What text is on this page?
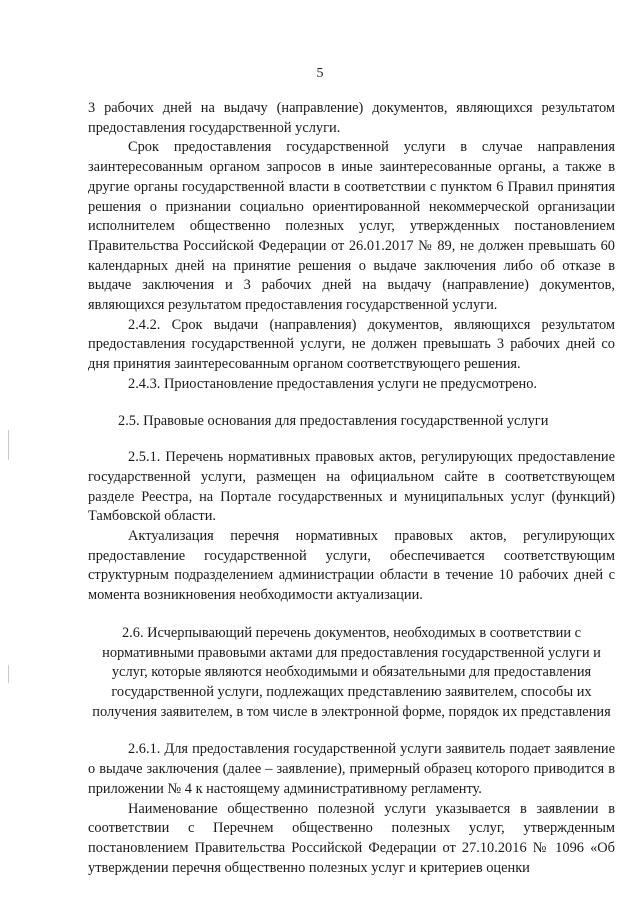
5

3 рабочих дней на выдачу (направление) документов, являющихся результатом предоставления государственной услуги.

Срок предоставления государственной услуги в случае направления заинтересованным органом запросов в иные заинтересованные органы, а также в другие органы государственной власти в соответствии с пунктом 6 Правил принятия решения о признании социально ориентированной некоммерческой организации исполнителем общественно полезных услуг, утвержденных постановлением Правительства Российской Федерации от 26.01.2017 № 89, не должен превышать 60 календарных дней на принятие решения о выдаче заключения либо об отказе в выдаче заключения и 3 рабочих дней на выдачу (направление) документов, являющихся результатом предоставления государственной услуги.

2.4.2. Срок выдачи (направления) документов, являющихся результатом предоставления государственной услуги, не должен превышать 3 рабочих дней со дня принятия заинтересованным органом соответствующего решения.

2.4.3. Приостановление предоставления услуги не предусмотрено.

2.5. Правовые основания для предоставления государственной услуги

2.5.1. Перечень нормативных правовых актов, регулирующих предоставление государственной услуги, размещен на официальном сайте в соответствующем разделе Реестра, на Портале государственных и муниципальных услуг (функций) Тамбовской области.

Актуализация перечня нормативных правовых актов, регулирующих предоставление государственной услуги, обеспечивается соответствующим структурным подразделением администрации области в течение 10 рабочих дней с момента возникновения необходимости актуализации.

2.6. Исчерпывающий перечень документов, необходимых в соответствии с нормативными правовыми актами для предоставления государственной услуги и услуг, которые являются необходимыми и обязательными для предоставления государственной услуги, подлежащих представлению заявителем, способы их получения заявителем, в том числе в электронной форме, порядок их представления

2.6.1. Для предоставления государственной услуги заявитель подает заявление о выдаче заключения (далее – заявление), примерный образец которого приводится в приложении № 4 к настоящему административному регламенту.

Наименование общественно полезной услуги указывается в заявлении в соответствии с Перечнем общественно полезных услуг, утвержденным постановлением Правительства Российской Федерации от 27.10.2016 № 1096 «Об утверждении перечня общественно полезных услуг и критериев оценки
